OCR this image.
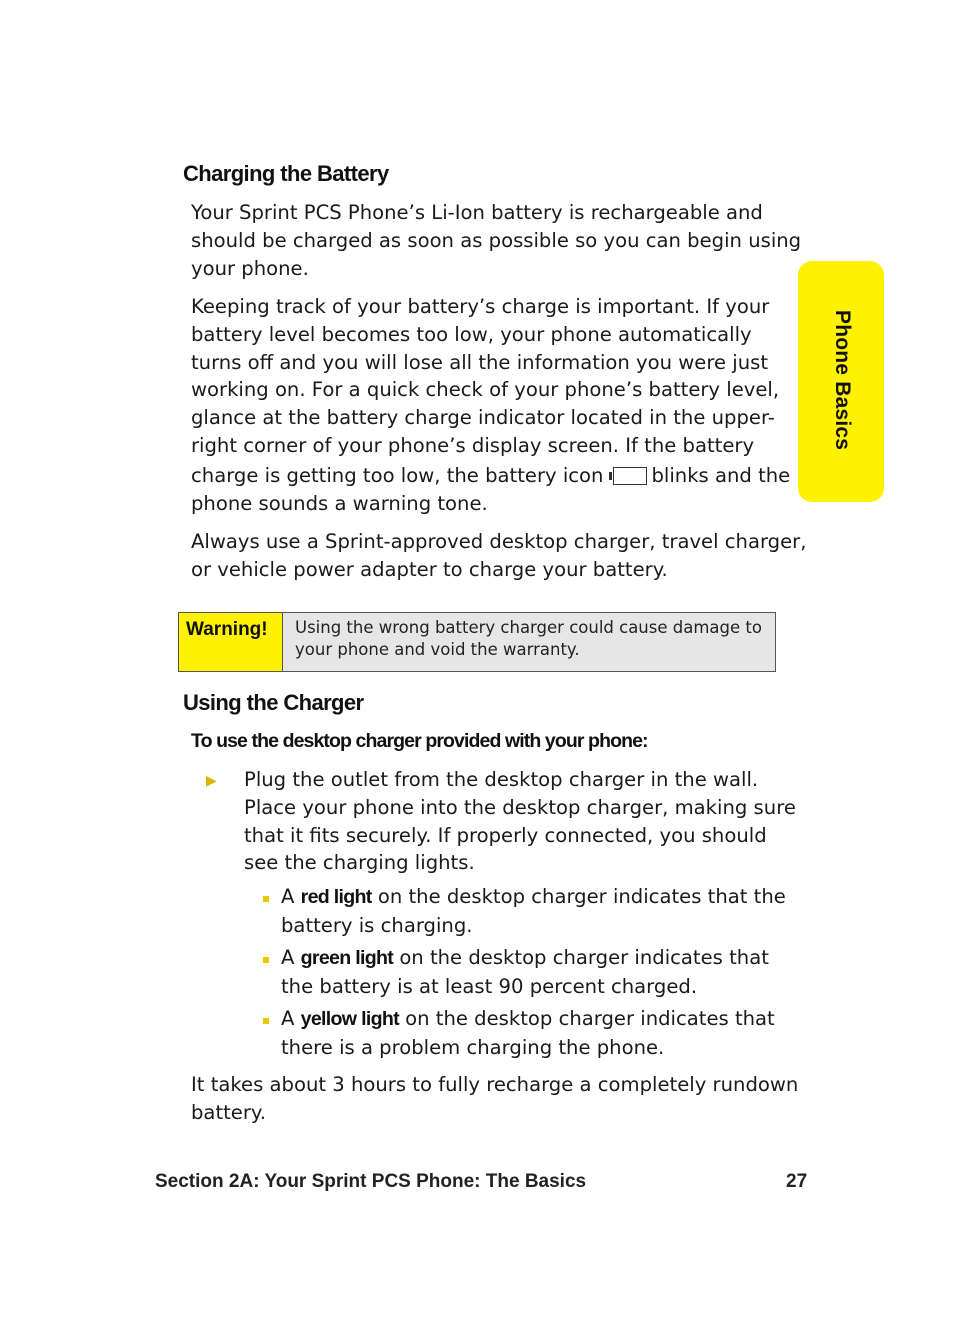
Phone Basics
Charging the Battery

Your Sprint PCS Phone’s Li-Ion battery is rechargeable and
should be charged as soon as possible so you can begin using
your phone.

Keeping track of your battery’s charge is important. If your
battery level becomes too low, your phone automatically
turns off and you will lose all the information you were just
working on. For a quick check of your phone’s battery level,
glance at the battery charge indicator located in the upper-
right corner of your phone’s display screen. If the battery
charge is getting too low, the battery icon blinks and the
phone sounds a warning tone.

Always use a Sprint-approved desktop charger, travel charger,
or vehicle power adapter to charge your battery.

Warning!	Using the wrong battery charger could cause damage to
your phone and void the warranty.
Using the Charger
To use the desktop charger provided with your phone:
▶ Plug the outlet from the desktop charger in the wall.
Place your phone into the desktop charger, making sure
that it fits securely. If properly connected, you should
see the charging lights.

A red light on the desktop charger indicates that the
battery is charging.

A green light on the desktop charger indicates that
the battery is at least 90 percent charged.

A yellow light on the desktop charger indicates that
there is a problem charging the phone.

It takes about 3 hours to fully recharge a completely rundown
battery.

Section 2A: Your Sprint PCS Phone: The Basics	27
